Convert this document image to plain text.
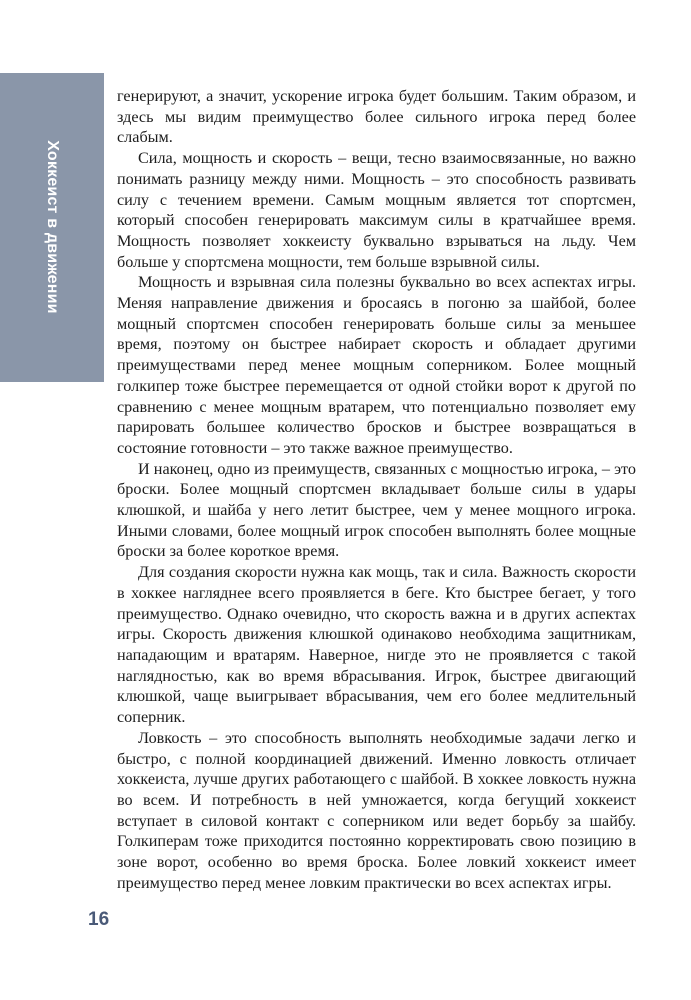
Хоккеист в движении

генерируют, а значит, ускорение игрока будет большим. Таким образом, и здесь мы видим преимущество более сильного игрока перед более слабым.

Сила, мощность и скорость – вещи, тесно взаимосвязанные, но важно понимать разницу между ними. Мощность – это способность развивать силу с течением времени. Самым мощным является тот спортсмен, который способен генерировать максимум силы в кратчайшее время. Мощность позволяет хоккеисту буквально взрываться на льду. Чем больше у спортсмена мощности, тем больше взрывной силы.

Мощность и взрывная сила полезны буквально во всех аспектах игры. Меняя направление движения и бросаясь в погоню за шайбой, более мощный спортсмен способен генерировать больше силы за меньшее время, поэтому он быстрее набирает скорость и обладает другими преимуществами перед менее мощным соперником. Более мощный голкипер тоже быстрее перемещается от одной стойки ворот к другой по сравнению с менее мощным вратарем, что потенциально позволяет ему парировать большее количество бросков и быстрее возвращаться в состояние готовности – это также важное преимущество.

И наконец, одно из преимуществ, связанных с мощностью игрока, – это броски. Более мощный спортсмен вкладывает больше силы в удары клюшкой, и шайба у него летит быстрее, чем у менее мощного игрока. Иными словами, более мощный игрок способен выполнять более мощные броски за более короткое время.

Для создания скорости нужна как мощь, так и сила. Важность скорости в хоккее нагляднее всего проявляется в беге. Кто быстрее бегает, у того преимущество. Однако очевидно, что скорость важна и в других аспектах игры. Скорость движения клюшкой одинаково необходима защитникам, нападающим и вратарям. Наверное, нигде это не проявляется с такой наглядностью, как во время вбрасывания. Игрок, быстрее двигающий клюшкой, чаще выигрывает вбрасывания, чем его более медлительный соперник.

Ловкость – это способность выполнять необходимые задачи легко и быстро, с полной координацией движений. Именно ловкость отличает хоккеиста, лучше других работающего с шайбой. В хоккее ловкость нужна во всем. И потребность в ней умножается, когда бегущий хоккеист вступает в силовой контакт с соперником или ведет борьбу за шайбу. Голкиперам тоже приходится постоянно корректировать свою позицию в зоне ворот, особенно во время броска. Более ловкий хоккеист имеет преимущество перед менее ловким практически во всех аспектах игры.

16
